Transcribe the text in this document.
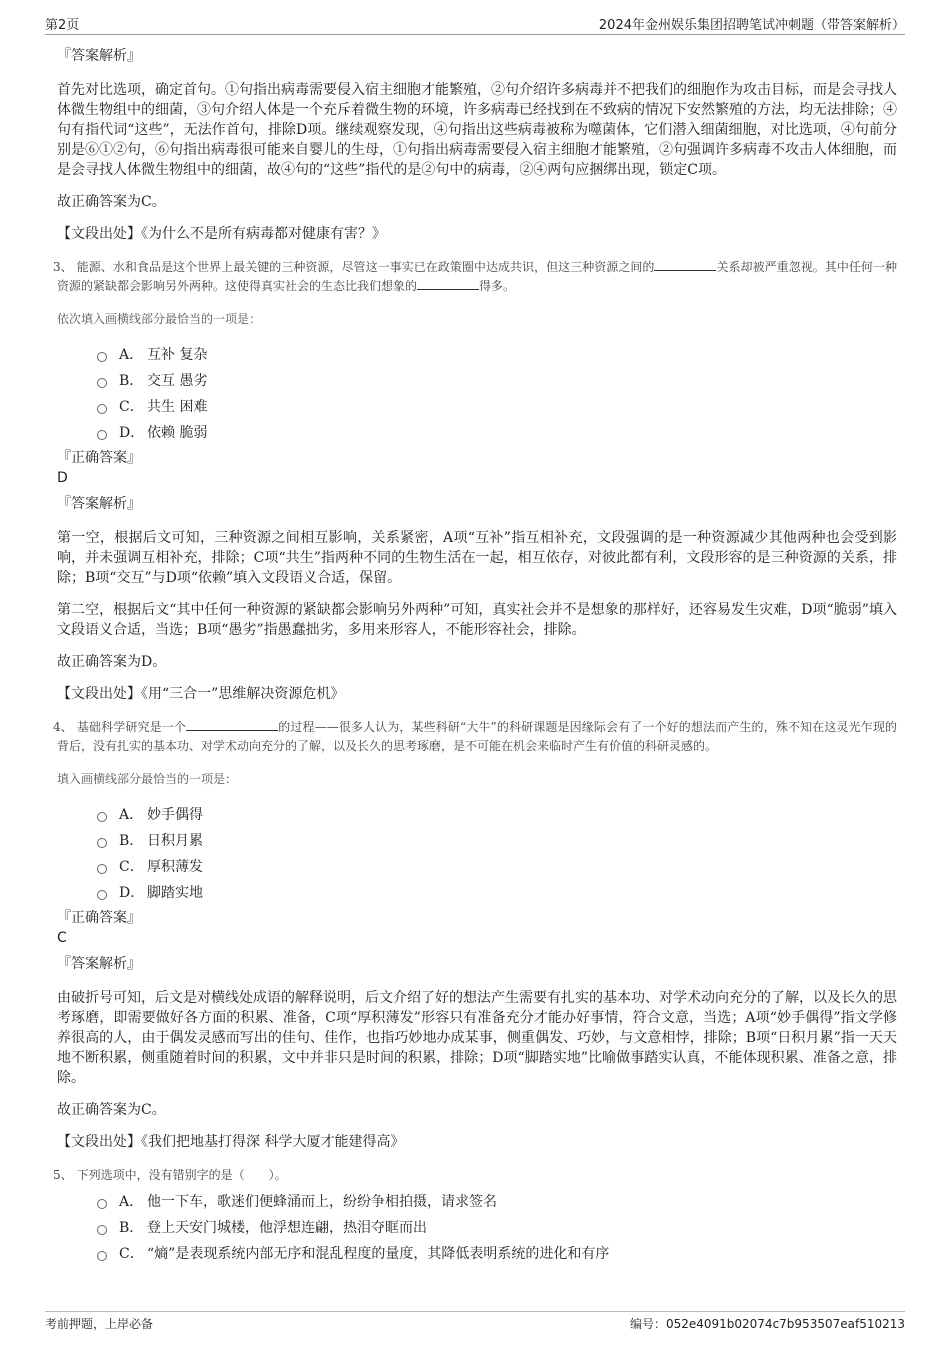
第2页	2024年金州娱乐集团招聘笔试冲刺题（带答案解析）
『答案解析』

首先对比选项，确定首句。①句指出病毒需要侵入宿主细胞才能繁殖，②句介绍许多病毒并不把我们的细胞作为攻击目标，而是会寻找人体微生物组中的细菌，③句介绍人体是一个充斥着微生物的环境，许多病毒已经找到在不致病的情况下安然繁殖的方法，均无法排除；④句有指代词“这些”，无法作首句，排除D项。继续观察发现，④句指出这些病毒被称为噬菌体，它们潜入细菌细胞，对比选项，④句前分别是⑥①②句，⑥句指出病毒很可能来自婴儿的生母，①句指出病毒需要侵入宿主细胞才能繁殖，②句强调许多病毒不攻击人体细胞，而是会寻找人体微生物组中的细菌，故④句的“这些”指代的是②句中的病毒，②④两句应捆绑出现，锁定C项。

故正确答案为C。

【文段出处】《为什么不是所有病毒都对健康有害？》

3、 能源、水和食品是这个世界上最关键的三种资源，尽管这一事实已在政策圈中达成共识，但这三种资源之间的	关系却被严重忽视。其中任何一种资源的紧缺都会影响另外两种。这使得真实社会的生态比我们想象的	得多。

依次填入画横线部分最恰当的一项是：

A． 互补 复杂
B． 交互 愚劣
C． 共生 困难
D． 依赖 脆弱
『正确答案』
D
『答案解析』

第一空，根据后文可知，三种资源之间相互影响，关系紧密，A项“互补”指互相补充，文段强调的是一种资源减少其他两种也会受到影响，并未强调互相补充，排除；C项“共生”指两种不同的生物生活在一起，相互依存，对彼此都有利，文段形容的是三种资源的关系，排除；B项“交互”与D项“依赖”填入文段语义合适，保留。

第二空，根据后文“其中任何一种资源的紧缺都会影响另外两种”可知，真实社会并不是想象的那样好，还容易发生灾难，D项“脆弱”填入文段语义合适，当选；B项“愚劣”指愚蠢拙劣，多用来形容人，不能形容社会，排除。

故正确答案为D。

【文段出处】《用“三合一”思维解决资源危机》

4、 基础科学研究是一个	的过程——很多人认为，某些科研“大牛”的科研课题是因缘际会有了一个好的想法而产生的，殊不知在这灵光乍现的背后，没有扎实的基本功、对学术动向充分的了解，以及长久的思考琢磨，是不可能在机会来临时产生有价值的科研灵感的。

填入画横线部分最恰当的一项是：

A． 妙手偶得
B． 日积月累
C． 厚积薄发
D． 脚踏实地
『正确答案』
C
『答案解析』

由破折号可知，后文是对横线处成语的解释说明，后文介绍了好的想法产生需要有扎实的基本功、对学术动向充分的了解，以及长久的思考琢磨，即需要做好各方面的积累、准备，C项“厚积薄发”形容只有准备充分才能办好事情，符合文意，当选；A项“妙手偶得”指文学修养很高的人，由于偶发灵感而写出的佳句、佳作，也指巧妙地办成某事，侧重偶发、巧妙，与文意相悖，排除；B项“日积月累”指一天天地不断积累，侧重随着时间的积累，文中并非只是时间的积累，排除；D项“脚踏实地”比喻做事踏实认真，不能体现积累、准备之意，排除。

故正确答案为C。

【文段出处】《我们把地基打得深 科学大厦才能建得高》

5、 下列选项中，没有错别字的是（　　）。

A． 他一下车，歌迷们便蜂涌而上，纷纷争相拍摄，请求签名
B． 登上天安门城楼，他浮想连翩，热泪夺眶而出
C． “熵”是表现系统内部无序和混乱程度的量度，其降低表明系统的进化和有序
考前押题，上岸必备	编号：052e4091b02074c7b953507eaf510213
